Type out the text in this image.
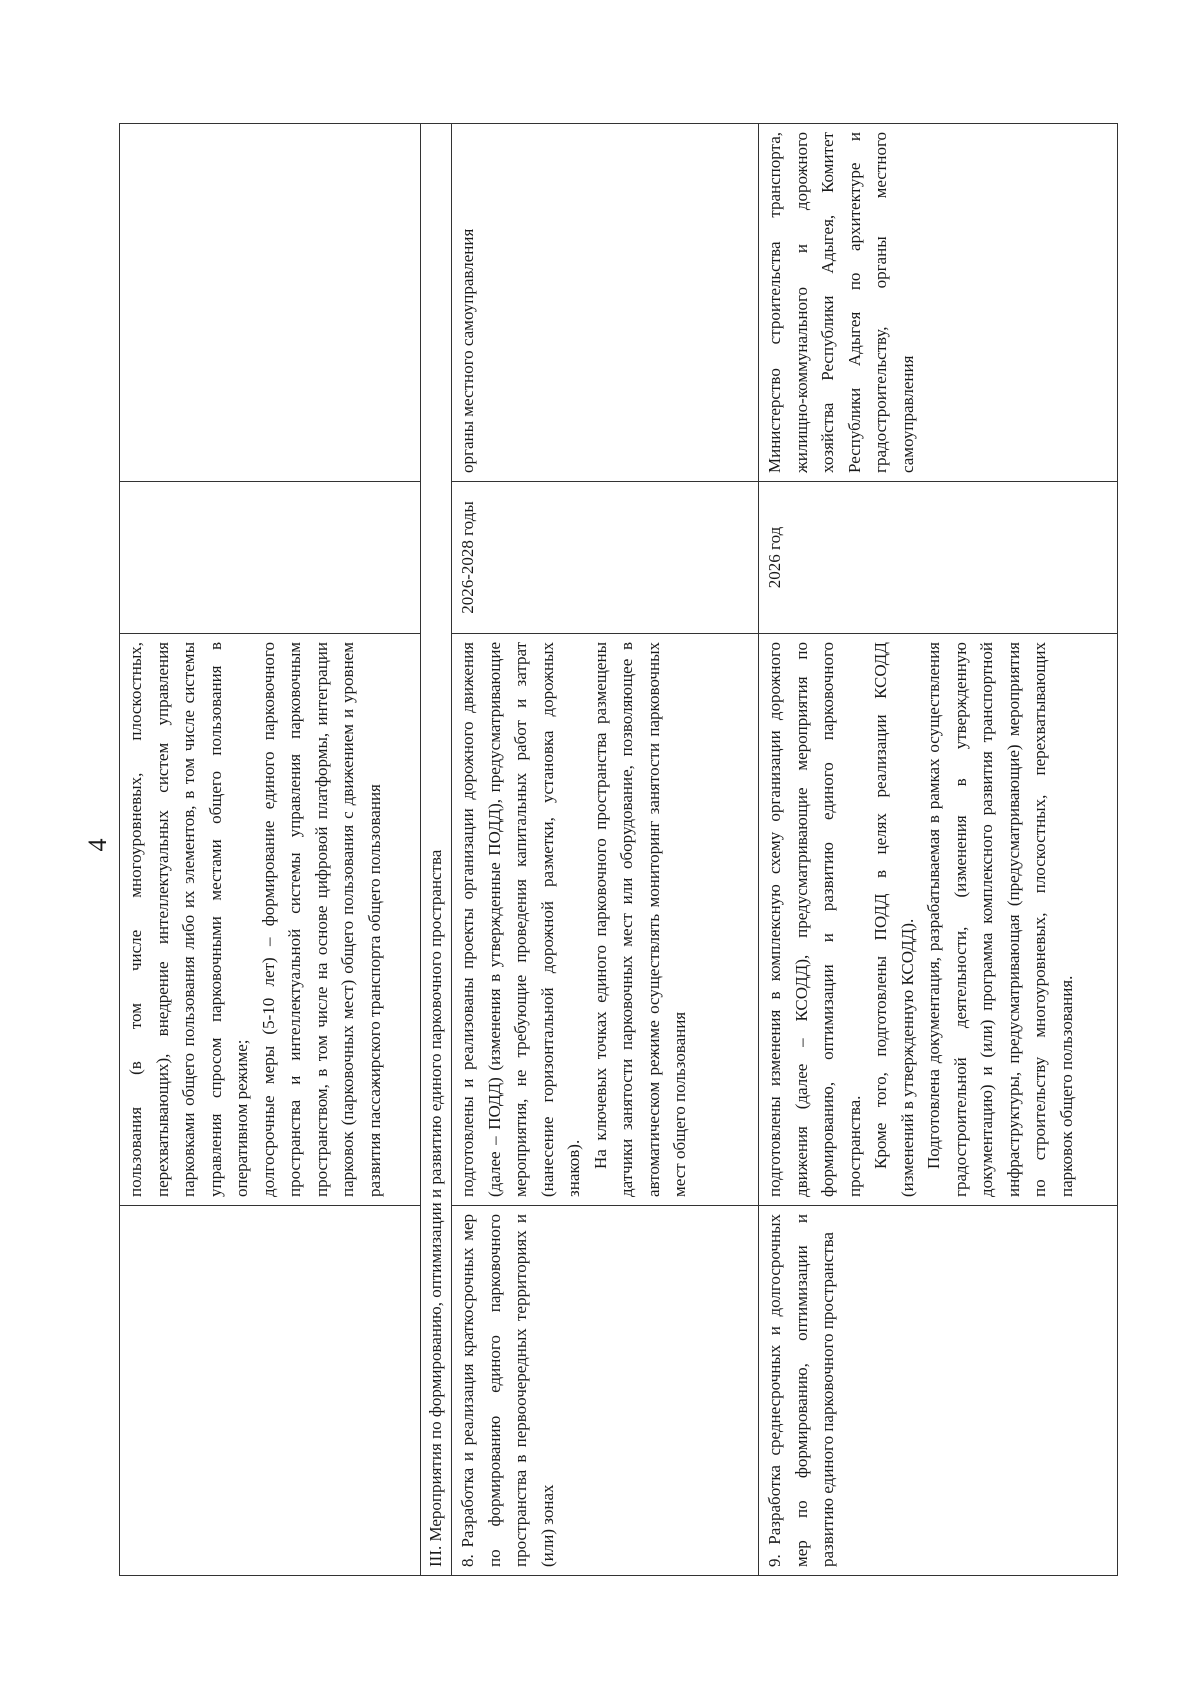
4

	пользования (в том числе многоуровневых, плоскостных, перехватывающих), внедрение интеллектуальных систем управления парковками общего пользования либо их элементов, в том числе системы управления спросом парковочными местами общего пользования в оперативном режиме; долгосрочные меры (5-10 лет) – формирование единого парковочного пространства и интеллектуальной системы управления парковочным пространством, в том числе на основе цифровой платформы, интеграции парковок (парковочных мест) общего пользования с движением и уровнем развития пассажирского транспорта общего пользования		

III. Мероприятия по формированию, оптимизации и развитию единого парковочного пространства			

8. Разработка и реализация краткосрочных мер по формированию единого парковочного пространства в первоочередных территориях и (или) зонах	подготовлены и реализованы проекты организации дорожного движения (далее – ПОДД) (изменения в утвержденные ПОДД), предусматривающие мероприятия, не требующие проведения капитальных работ и затрат (нанесение горизонтальной дорожной разметки, установка дорожных знаков). На ключевых точках единого парковочного пространства размещены датчики занятости парковочных мест или оборудование, позволяющее в автоматическом режиме осуществлять мониторинг занятости парковочных мест общего пользования	2026-2028 годы	органы местного самоуправления

9. Разработка среднесрочных и долгосрочных мер по формированию, оптимизации и развитию единого парковочного пространства	подготовлены изменения в комплексную схему организации дорожного движения (далее – КСОДД), предусматривающие мероприятия по формированию, оптимизации и развитию единого парковочного пространства. Кроме того, подготовлены ПОДД в целях реализации КСОДД (изменений в утвержденную КСОДД). Подготовлена документация, разрабатываемая в рамках осуществления градостроительной деятельности, (изменения в утвержденную документацию) и (или) программа комплексного развития транспортной инфраструктуры, предусматривающая (предусматривающие) мероприятия по строительству многоуровневых, плоскостных, перехватывающих парковок общего пользования.	2026 год	Министерство строительства транспорта, жилищно-коммунального и дорожного хозяйства Республики Адыгея, Комитет Республики Адыгея по архитектуре и градостроительству, органы местного самоуправления
